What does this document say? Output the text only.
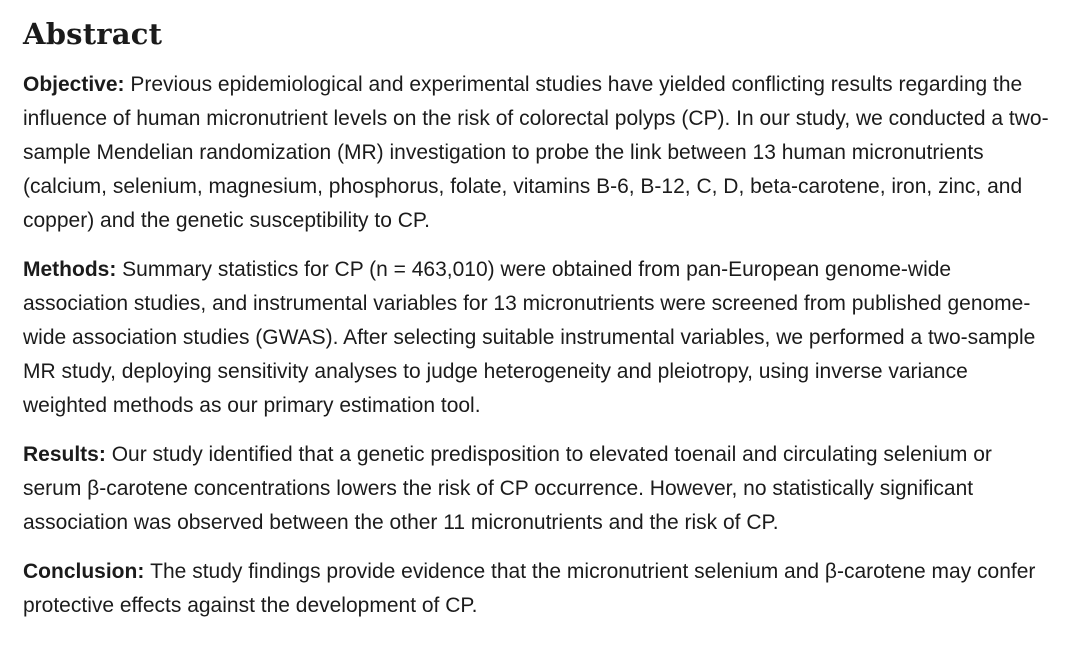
Abstract

Objective: Previous epidemiological and experimental studies have yielded conflicting results regarding the influence of human micronutrient levels on the risk of colorectal polyps (CP). In our study, we conducted a two-sample Mendelian randomization (MR) investigation to probe the link between 13 human micronutrients (calcium, selenium, magnesium, phosphorus, folate, vitamins B-6, B-12, C, D, beta-carotene, iron, zinc, and copper) and the genetic susceptibility to CP.

Methods: Summary statistics for CP (n = 463,010) were obtained from pan-European genome-wide association studies, and instrumental variables for 13 micronutrients were screened from published genome-wide association studies (GWAS). After selecting suitable instrumental variables, we performed a two-sample MR study, deploying sensitivity analyses to judge heterogeneity and pleiotropy, using inverse variance weighted methods as our primary estimation tool.

Results: Our study identified that a genetic predisposition to elevated toenail and circulating selenium or serum β-carotene concentrations lowers the risk of CP occurrence. However, no statistically significant association was observed between the other 11 micronutrients and the risk of CP.

Conclusion: The study findings provide evidence that the micronutrient selenium and β-carotene may confer protective effects against the development of CP.
